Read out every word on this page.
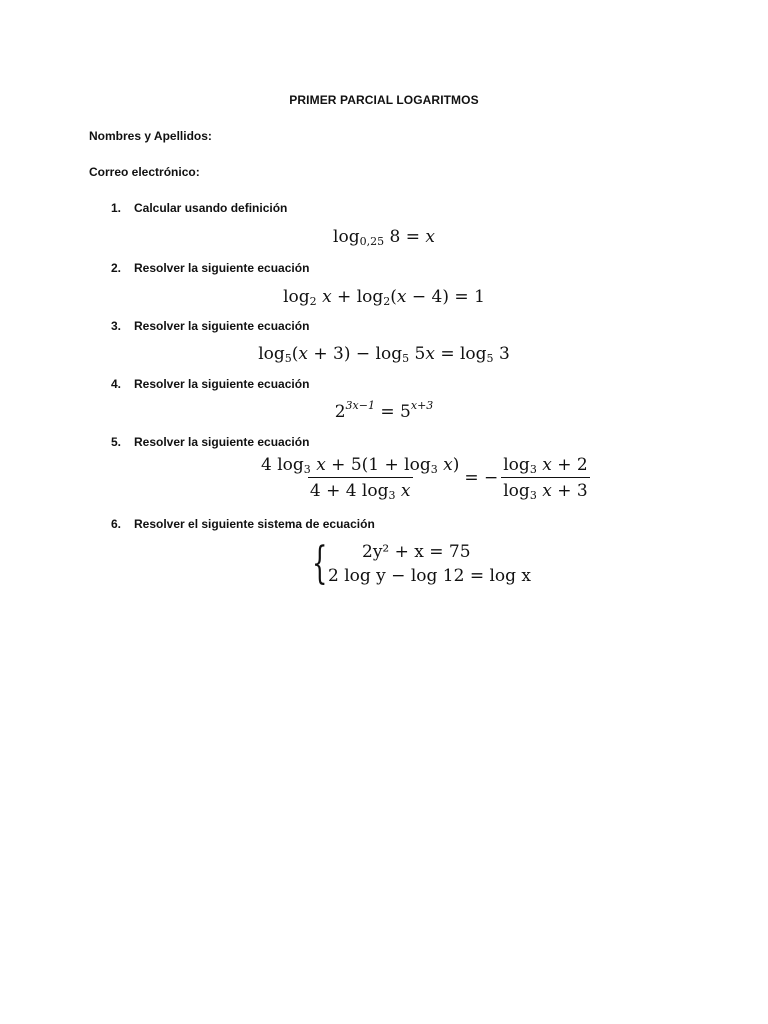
PRIMER PARCIAL LOGARITMOS
Nombres y Apellidos:
Correo electrónico:
1. Calcular usando definición
$\log_{0,25} 8 = x$
2. Resolver la siguiente ecuación
$\log_2 x + \log_2(x - 4) = 1$
3. Resolver la siguiente ecuación
$\log_5(x + 3) - \log_5 5x = \log_5 3$
4. Resolver la siguiente ecuación
$2^{3x-1} = 5^{x+3}$
5. Resolver la siguiente ecuación
$\frac{4 \log_3 x + 5(1 + \log_3 x)}{4 + 4 \log_3 x}$ = − $\frac{\log_3 x + 2}{\log_3 x + 3}$
6. Resolver el siguiente sistema de ecuación
{	2y² + x = 75
2 log y − log 12 = log x
